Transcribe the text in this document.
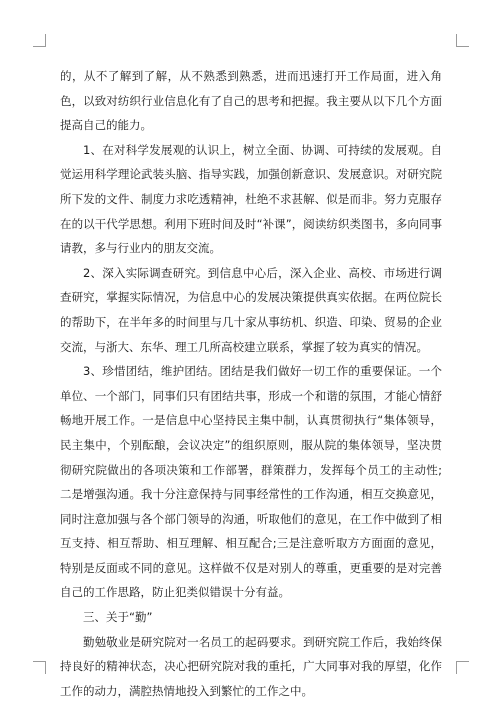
的，从不了解到了解，从不熟悉到熟悉，进而迅速打开工作局面，进入角色，以致对纺织行业信息化有了自己的思考和把握。我主要从以下几个方面提高自己的能力。

1、在对科学发展观的认识上，树立全面、协调、可持续的发展观。自觉运用科学理论武装头脑、指导实践，加强创新意识、发展意识。对研究院所下发的文件、制度力求吃透精神，杜绝不求甚解、似是而非。努力克服存在的以干代学思想。利用下班时间及时“补课”，阅读纺织类图书，多向同事请教，多与行业内的朋友交流。

2、深入实际调查研究。到信息中心后，深入企业、高校、市场进行调查研究，掌握实际情况，为信息中心的发展决策提供真实依据。在两位院长的帮助下，在半年多的时间里与几十家从事纺机、织造、印染、贸易的企业交流，与浙大、东华、理工几所高校建立联系，掌握了较为真实的情况。

3、珍惜团结，维护团结。团结是我们做好一切工作的重要保证。一个单位、一个部门，同事们只有团结共事，形成一个和谐的氛围，才能心情舒畅地开展工作。一是信息中心坚持民主集中制，认真贯彻执行“集体领导，民主集中，个别酝酿，会议决定”的组织原则，服从院的集体领导，坚决贯彻研究院做出的各项决策和工作部署，群策群力，发挥每个员工的主动性;二是增强沟通。我十分注意保持与同事经常性的工作沟通，相互交换意见，同时注意加强与各个部门领导的沟通，听取他们的意见，在工作中做到了相互支持、相互帮助、相互理解、相互配合;三是注意听取方方面面的意见，特别是反面或不同的意见。这样做不仅是对别人的尊重，更重要的是对完善自己的工作思路，防止犯类似错误十分有益。

三、关于“勤”

勤勉敬业是研究院对一名员工的起码要求。到研究院工作后，我始终保持良好的精神状态，决心把研究院对我的重托，广大同事对我的厚望，化作工作的动力，满腔热情地投入到繁忙的工作之中。
